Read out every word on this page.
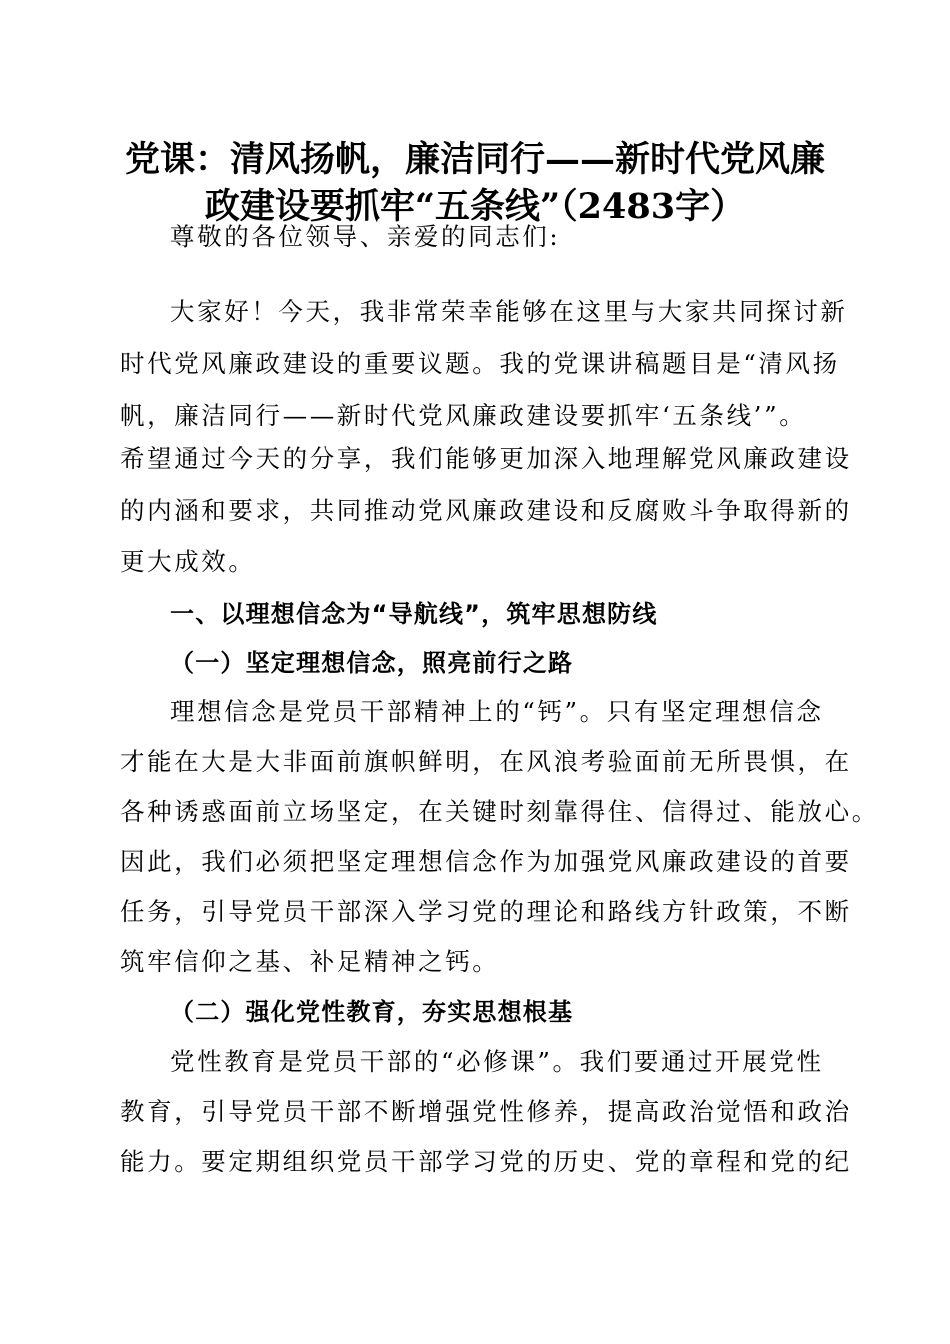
党课：清风扬帆，廉洁同行——新时代党风廉
政建设要抓牢“五条线”（2483字）

尊敬的各位领导、亲爱的同志们:

大家好！今天，我非常荣幸能够在这里与大家共同探讨新

时代党风廉政建设的重要议题。我的党课讲稿题目是“清风扬

帆，廉洁同行——新时代党风廉政建设要抓牢‘五条线’”。

希望通过今天的分享，我们能够更加深入地理解党风廉政建设

的内涵和要求，共同推动党风廉政建设和反腐败斗争取得新的

更大成效。

一、以理想信念为“导航线”，筑牢思想防线
（一）坚定理想信念，照亮前行之路

理想信念是党员干部精神上的“钙”。只有坚定理想信念

才能在大是大非面前旗帜鲜明，在风浪考验面前无所畏惧，在

各种诱惑面前立场坚定，在关键时刻靠得住、信得过、能放心。

因此，我们必须把坚定理想信念作为加强党风廉政建设的首要

任务，引导党员干部深入学习党的理论和路线方针政策，不断

筑牢信仰之基、补足精神之钙。

（二）强化党性教育，夯实思想根基

党性教育是党员干部的“必修课”。我们要通过开展党性

教育，引导党员干部不断增强党性修养，提高政治觉悟和政治

能力。要定期组织党员干部学习党的历史、党的章程和党的纪
